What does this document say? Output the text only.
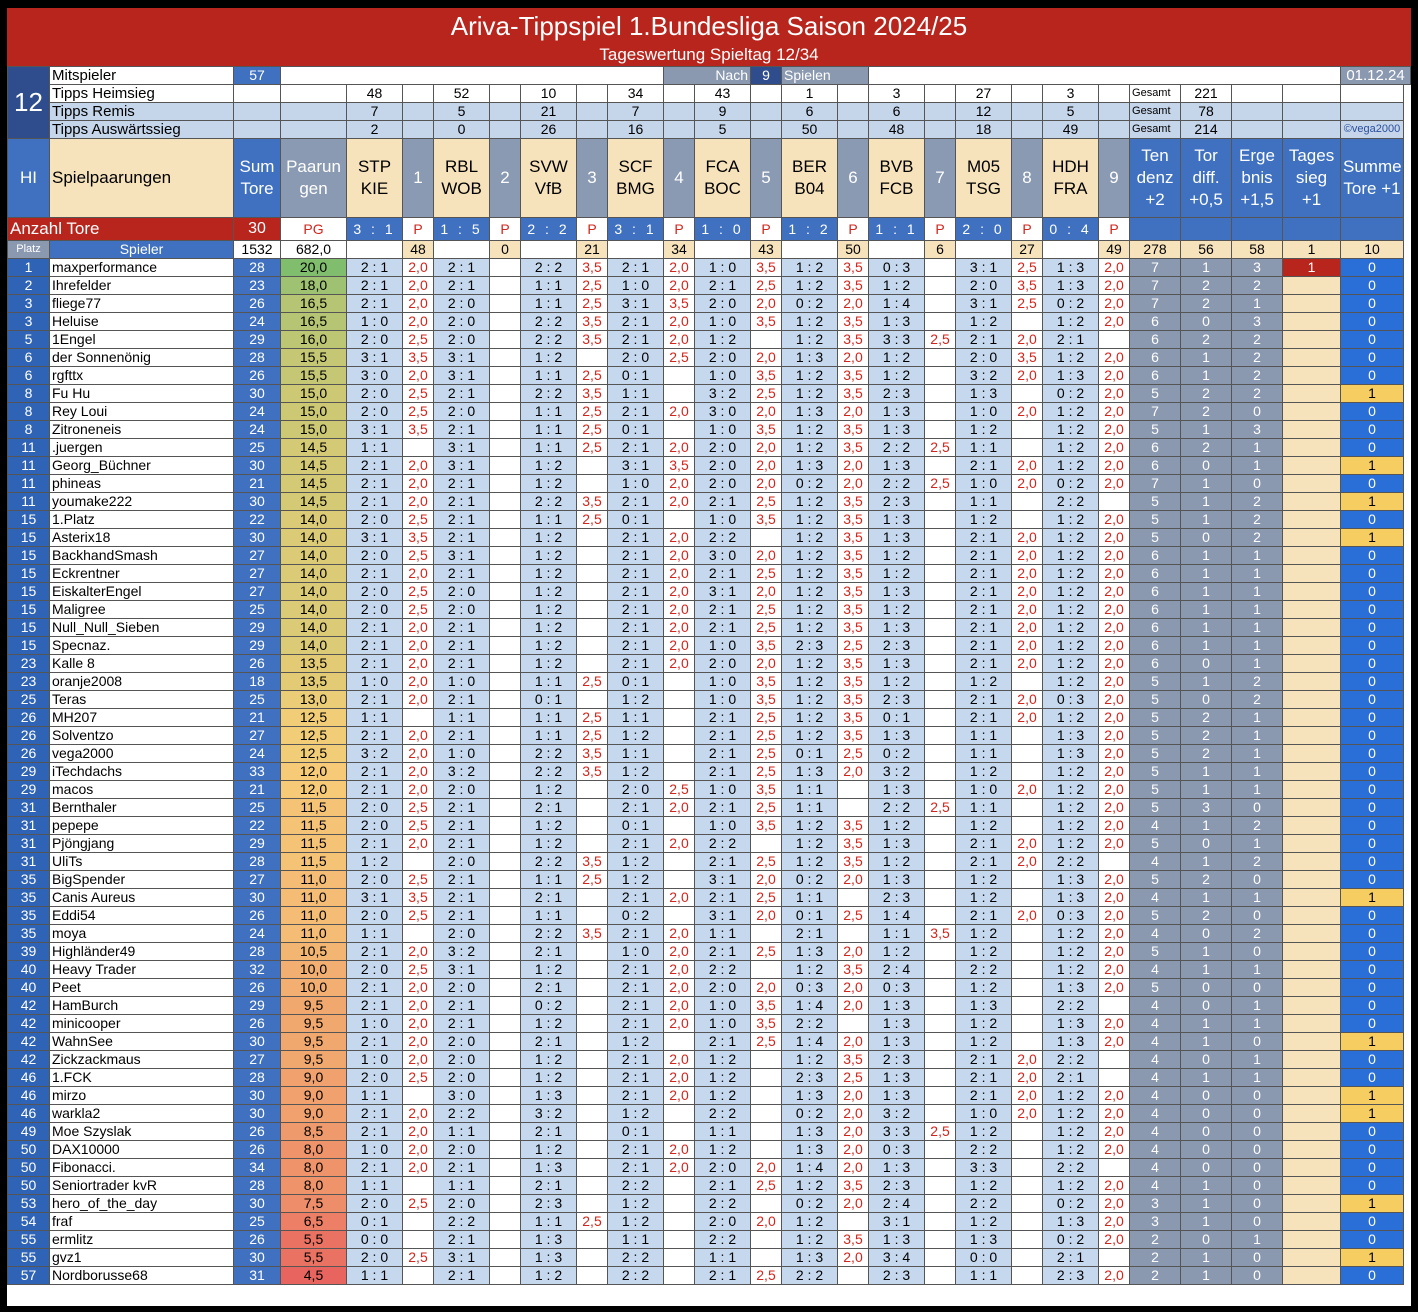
Ariva-Tippspiel 1.Bundesliga Saison 2024/25
Tageswertung Spieltag 12/34
12	Mitspieler	57									Nach		9	Spielen												01.12.24
	Tipps Heimsieg			48		52		10		34		43		1		3		27		3		Gesamt	221			
	Tipps Remis			7		5		21		7		9		6		6		12		5		Gesamt	78			
	Tipps Auswärtssieg			2		0		26		16		5		50		48		18		49		Gesamt	214			©vega2000
HI	Spielpaarungen	Sum Tore	Paarun gen	STP KIE	1	RBL WOB	2	SVW VfB	3	SCF BMG	4	FCA BOC	5	BER B04	6	BVB FCB	7	M05 TSG	8	HDH FRA	9	Ten denz +2	Tor diff. +0,5	Erge bnis +1,5	Tages sieg +1	Summe Tore +1
Anzahl Tore		30	PG	3 : 1	P	1 : 5	P	2 : 2	P	3 : 1	P	1 : 0	P	1 : 2	P	1 : 1	P	2 : 0	P	0 : 4	P					
Platz	Spieler	1532	682,0		48		0		21		34		43		50		6		27		49	278	56	58	1	10
1	maxperformance	28	20,0	2 : 1	2,0	2 : 1		2 : 2	3,5	2 : 1	2,0	1 : 0	3,5	1 : 2	3,5	0 : 3		3 : 1	2,5	1 : 3	2,0	7	1	3	1	0
2	Ihrefelder	23	18,0	2 : 1	2,0	2 : 1		1 : 1	2,5	1 : 0	2,0	2 : 1	2,5	1 : 2	3,5	1 : 2		2 : 0	3,5	1 : 3	2,0	7	2	2		0
3	fliege77	26	16,5	2 : 1	2,0	2 : 0		1 : 1	2,5	3 : 1	3,5	2 : 0	2,0	0 : 2	2,0	1 : 4		3 : 1	2,5	0 : 2	2,0	7	2	1		0
3	Heluise	24	16,5	1 : 0	2,0	2 : 0		2 : 2	3,5	2 : 1	2,0	1 : 0	3,5	1 : 2	3,5	1 : 3		1 : 2		1 : 2	2,0	6	0	3		0
5	1Engel	29	16,0	2 : 0	2,5	2 : 0		2 : 2	3,5	2 : 1	2,0	1 : 2		1 : 2	3,5	3 : 3	2,5	2 : 1	2,0	2 : 1		6	2	2		0
6	der Sonnenönig	28	15,5	3 : 1	3,5	3 : 1		1 : 2		2 : 0	2,5	2 : 0	2,0	1 : 3	2,0	1 : 2		2 : 0	3,5	1 : 2	2,0	6	1	2		0
6	rgfttx	26	15,5	3 : 0	2,0	3 : 1		1 : 1	2,5	0 : 1		1 : 0	3,5	1 : 2	3,5	1 : 2		3 : 2	2,0	1 : 3	2,0	6	1	2		0
8	Fu Hu	30	15,0	2 : 0	2,5	2 : 1		2 : 2	3,5	1 : 1		3 : 2	2,5	1 : 2	3,5	2 : 3		1 : 3		0 : 2	2,0	5	2	2		1
8	Rey Loui	24	15,0	2 : 0	2,5	2 : 0		1 : 1	2,5	2 : 1	2,0	3 : 0	2,0	1 : 3	2,0	1 : 3		1 : 0	2,0	1 : 2	2,0	7	2	0		0
8	Zitroneneis	24	15,0	3 : 1	3,5	2 : 1		1 : 1	2,5	0 : 1		1 : 0	3,5	1 : 2	3,5	1 : 3		1 : 2		1 : 2	2,0	5	1	3		0
11	.juergen	25	14,5	1 : 1		3 : 1		1 : 1	2,5	2 : 1	2,0	2 : 0	2,0	1 : 2	3,5	2 : 2	2,5	1 : 1		1 : 2	2,0	6	2	1		0
11	Georg_Büchner	30	14,5	2 : 1	2,0	3 : 1		1 : 2		3 : 1	3,5	2 : 0	2,0	1 : 3	2,0	1 : 3		2 : 1	2,0	1 : 2	2,0	6	0	1		1
11	phineas	21	14,5	2 : 1	2,0	2 : 1		1 : 2		1 : 0	2,0	2 : 0	2,0	0 : 2	2,0	2 : 2	2,5	1 : 0	2,0	0 : 2	2,0	7	1	0		0
11	youmake222	30	14,5	2 : 1	2,0	2 : 1		2 : 2	3,5	2 : 1	2,0	2 : 1	2,5	1 : 2	3,5	2 : 3		1 : 1		2 : 2		5	1	2		1
15	1.Platz	22	14,0	2 : 0	2,5	2 : 1		1 : 1	2,5	0 : 1		1 : 0	3,5	1 : 2	3,5	1 : 3		1 : 2		1 : 2	2,0	5	1	2		0
15	Asterix18	30	14,0	3 : 1	3,5	2 : 1		1 : 2		2 : 1	2,0	2 : 2		1 : 2	3,5	1 : 3		2 : 1	2,0	1 : 2	2,0	5	0	2		1
15	BackhandSmash	27	14,0	2 : 0	2,5	3 : 1		1 : 2		2 : 1	2,0	3 : 0	2,0	1 : 2	3,5	1 : 2		2 : 1	2,0	1 : 2	2,0	6	1	1		0
15	Eckrentner	27	14,0	2 : 1	2,0	2 : 1		1 : 2		2 : 1	2,0	2 : 1	2,5	1 : 2	3,5	1 : 2		2 : 1	2,0	1 : 2	2,0	6	1	1		0
15	EiskalterEngel	27	14,0	2 : 0	2,5	2 : 0		1 : 2		2 : 1	2,0	3 : 1	2,0	1 : 2	3,5	1 : 3		2 : 1	2,0	1 : 2	2,0	6	1	1		0
15	Maligree	25	14,0	2 : 0	2,5	2 : 0		1 : 2		2 : 1	2,0	2 : 1	2,5	1 : 2	3,5	1 : 2		2 : 1	2,0	1 : 2	2,0	6	1	1		0
15	Null_Null_Sieben	29	14,0	2 : 1	2,0	2 : 1		1 : 2		2 : 1	2,0	2 : 1	2,5	1 : 2	3,5	1 : 3		2 : 1	2,0	1 : 2	2,0	6	1	1		0
15	Specnaz.	29	14,0	2 : 1	2,0	2 : 1		1 : 2		2 : 1	2,0	1 : 0	3,5	2 : 3	2,5	2 : 3		2 : 1	2,0	1 : 2	2,0	6	1	1		0
23	Kalle 8	26	13,5	2 : 1	2,0	2 : 1		1 : 2		2 : 1	2,0	2 : 0	2,0	1 : 2	3,5	1 : 3		2 : 1	2,0	1 : 2	2,0	6	0	1		0
23	oranje2008	18	13,5	1 : 0	2,0	1 : 0		1 : 1	2,5	0 : 1		1 : 0	3,5	1 : 2	3,5	1 : 2		1 : 2		1 : 2	2,0	5	1	2		0
25	Teras	25	13,0	2 : 1	2,0	2 : 1		0 : 1		1 : 2		1 : 0	3,5	1 : 2	3,5	2 : 3		2 : 1	2,0	0 : 3	2,0	5	0	2		0
26	MH207	21	12,5	1 : 1		1 : 1		1 : 1	2,5	1 : 1		2 : 1	2,5	1 : 2	3,5	0 : 1		2 : 1	2,0	1 : 2	2,0	5	2	1		0
26	Solventzo	27	12,5	2 : 1	2,0	2 : 1		1 : 1	2,5	1 : 2		2 : 1	2,5	1 : 2	3,5	1 : 3		1 : 1		1 : 3	2,0	5	2	1		0
26	vega2000	24	12,5	3 : 2	2,0	1 : 0		2 : 2	3,5	1 : 1		2 : 1	2,5	0 : 1	2,5	0 : 2		1 : 1		1 : 3	2,0	5	2	1		0
29	iTechdachs	33	12,0	2 : 1	2,0	3 : 2		2 : 2	3,5	1 : 2		2 : 1	2,5	1 : 3	2,0	3 : 2		1 : 2		1 : 2	2,0	5	1	1		0
29	macos	21	12,0	2 : 1	2,0	2 : 0		1 : 2		2 : 0	2,5	1 : 0	3,5	1 : 1		1 : 3		1 : 0	2,0	1 : 2	2,0	5	1	1		0
31	Bernthaler	25	11,5	2 : 0	2,5	2 : 1		2 : 1		2 : 1	2,0	2 : 1	2,5	1 : 1		2 : 2	2,5	1 : 1		1 : 2	2,0	5	3	0		0
31	pepepe	22	11,5	2 : 0	2,5	2 : 1		1 : 2		0 : 1		1 : 0	3,5	1 : 2	3,5	1 : 2		1 : 2		1 : 2	2,0	4	1	2		0
31	Pjöngjang	29	11,5	2 : 1	2,0	2 : 1		1 : 2		2 : 1	2,0	2 : 2		1 : 2	3,5	1 : 3		2 : 1	2,0	1 : 2	2,0	5	0	1		0
31	UliTs	28	11,5	1 : 2		2 : 0		2 : 2	3,5	1 : 2		2 : 1	2,5	1 : 2	3,5	1 : 2		2 : 1	2,0	2 : 2		4	1	2		0
35	BigSpender	27	11,0	2 : 0	2,5	2 : 1		1 : 1	2,5	1 : 2		3 : 1	2,0	0 : 2	2,0	1 : 3		1 : 2		1 : 3	2,0	5	2	0		0
35	Canis Aureus	30	11,0	3 : 1	3,5	2 : 1		2 : 1		2 : 1	2,0	2 : 1	2,5	1 : 1		2 : 3		1 : 2		1 : 3	2,0	4	1	1		1
35	Eddi54	26	11,0	2 : 0	2,5	2 : 1		1 : 1		0 : 2		3 : 1	2,0	0 : 1	2,5	1 : 4		2 : 1	2,0	0 : 3	2,0	5	2	0		0
35	moya	24	11,0	1 : 1		2 : 0		2 : 2	3,5	2 : 1	2,0	1 : 1		2 : 1		1 : 1	3,5	1 : 2		1 : 2	2,0	4	0	2		0
39	Highländer49	28	10,5	2 : 1	2,0	3 : 2		2 : 1		1 : 0	2,0	2 : 1	2,5	1 : 3	2,0	1 : 2		1 : 2		1 : 2	2,0	5	1	0		0
40	Heavy Trader	32	10,0	2 : 0	2,5	3 : 1		1 : 2		2 : 1	2,0	2 : 2		1 : 2	3,5	2 : 4		2 : 2		1 : 2	2,0	4	1	1		0
40	Peet	26	10,0	2 : 1	2,0	2 : 0		2 : 1		2 : 1	2,0	2 : 0	2,0	0 : 3	2,0	0 : 3		1 : 2		1 : 3	2,0	5	0	0		0
42	HamBurch	29	9,5	2 : 1	2,0	2 : 1		0 : 2		2 : 1	2,0	1 : 0	3,5	1 : 4	2,0	1 : 3		1 : 3		2 : 2		4	0	1		0
42	minicooper	26	9,5	1 : 0	2,0	2 : 1		1 : 2		2 : 1	2,0	1 : 0	3,5	2 : 2		1 : 3		1 : 2		1 : 3	2,0	4	1	1		0
42	WahnSee	30	9,5	2 : 1	2,0	2 : 0		2 : 1		1 : 2		2 : 1	2,5	1 : 4	2,0	1 : 3		1 : 2		1 : 3	2,0	4	1	0		1
42	Zickzackmaus	27	9,5	1 : 0	2,0	2 : 0		1 : 2		2 : 1	2,0	1 : 2		1 : 2	3,5	2 : 3		2 : 1	2,0	2 : 2		4	0	1		0
46	1.FCK	28	9,0	2 : 0	2,5	2 : 0		1 : 2		2 : 1	2,0	1 : 2		2 : 3	2,5	1 : 3		2 : 1	2,0	2 : 1		4	1	1		0
46	mirzo	30	9,0	1 : 1		3 : 0		1 : 3		2 : 1	2,0	1 : 2		1 : 3	2,0	1 : 3		2 : 1	2,0	1 : 2	2,0	4	0	0		1
46	warkla2	30	9,0	2 : 1	2,0	2 : 2		3 : 2		1 : 2		2 : 2		0 : 2	2,0	3 : 2		1 : 0	2,0	1 : 2	2,0	4	0	0		1
49	Moe Szyslak	26	8,5	2 : 1	2,0	1 : 1		2 : 1		0 : 1		1 : 1		1 : 3	2,0	3 : 3	2,5	1 : 2		1 : 2	2,0	4	0	0		0
50	DAX10000	26	8,0	1 : 0	2,0	2 : 0		1 : 2		2 : 1	2,0	1 : 2		1 : 3	2,0	0 : 3		2 : 2		1 : 2	2,0	4	0	0		0
50	Fibonacci.	34	8,0	2 : 1	2,0	2 : 1		1 : 3		2 : 1	2,0	2 : 0	2,0	1 : 4	2,0	1 : 3		3 : 3		2 : 2		4	0	0		0
50	Seniortrader kvR	28	8,0	1 : 1		1 : 1		2 : 1		2 : 2		2 : 1	2,5	1 : 2	3,5	2 : 3		1 : 2		1 : 2	2,0	4	1	0		0
53	hero_of_the_day	30	7,5	2 : 0	2,5	2 : 0		2 : 3		1 : 2		2 : 2		0 : 2	2,0	2 : 4		2 : 2		0 : 2	2,0	3	1	0		1
54	fraf	25	6,5	0 : 1		2 : 2		1 : 1	2,5	1 : 2		2 : 0	2,0	1 : 2		3 : 1		1 : 2		1 : 3	2,0	3	1	0		0
55	ermlitz	26	5,5	0 : 0		2 : 1		1 : 3		1 : 1		2 : 2		1 : 2	3,5	1 : 3		1 : 3		0 : 2	2,0	2	0	1		0
55	gvz1	30	5,5	2 : 0	2,5	3 : 1		1 : 3		2 : 2		1 : 1		1 : 3	2,0	3 : 4		0 : 0		2 : 1		2	1	0		1
57	Nordborusse68	31	4,5	1 : 1		2 : 1		1 : 2		2 : 2		2 : 1	2,5	2 : 2		2 : 3		1 : 1		2 : 3	2,0	2	1	0		0
